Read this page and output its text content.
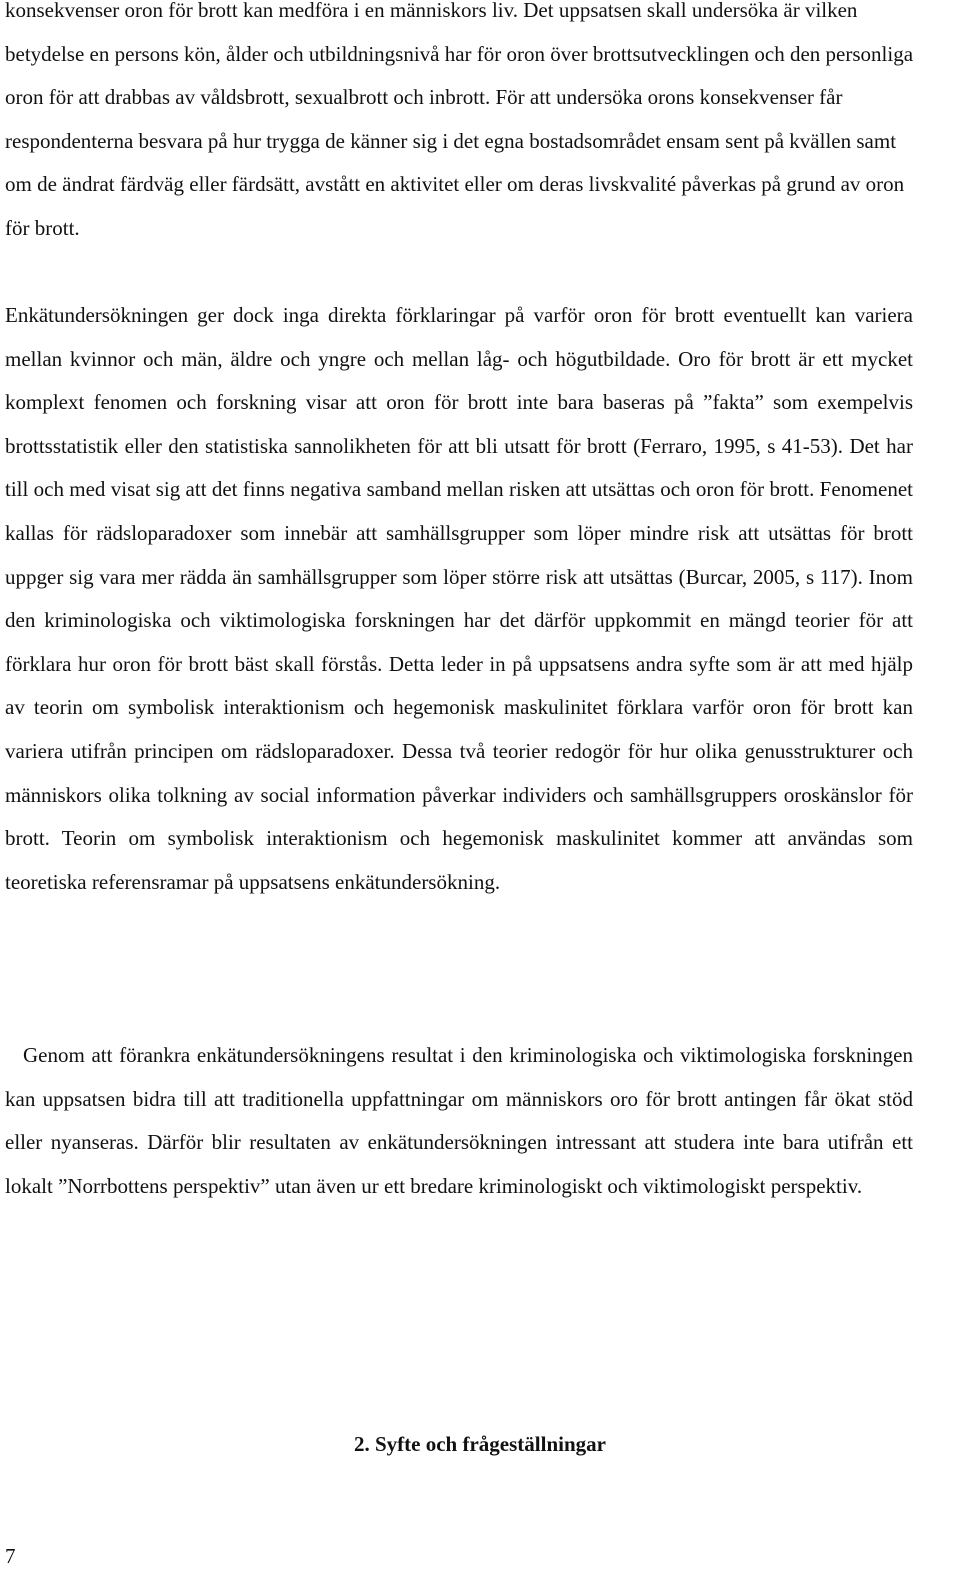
konsekvenser oron för brott kan medföra i en människors liv. Det uppsatsen skall undersöka är vilken betydelse en persons kön, ålder och utbildningsnivå har för oron över brottsutvecklingen och den personliga oron för att drabbas av våldsbrott, sexualbrott och inbrott. För att undersöka orons konsekvenser får respondenterna besvara på hur trygga de känner sig i det egna bostadsområdet ensam sent på kvällen samt om de ändrat färdväg eller färdsätt, avstått en aktivitet eller om deras livskvalité påverkas på grund av oron för brott.

Enkätundersökningen ger dock inga direkta förklaringar på varför oron för brott eventuellt kan variera mellan kvinnor och män, äldre och yngre och mellan låg- och högutbildade. Oro för brott är ett mycket komplext fenomen och forskning visar att oron för brott inte bara baseras på ”fakta” som exempelvis brottsstatistik eller den statistiska sannolikheten för att bli utsatt för brott (Ferraro, 1995, s 41-53). Det har till och med visat sig att det finns negativa samband mellan risken att utsättas och oron för brott. Fenomenet kallas för rädsloparadoxer som innebär att samhällsgrupper som löper mindre risk att utsättas för brott uppger sig vara mer rädda än samhällsgrupper som löper större risk att utsättas (Burcar, 2005, s 117). Inom den kriminologiska och viktimologiska forskningen har det därför uppkommit en mängd teorier för att förklara hur oron för brott bäst skall förstås. Detta leder in på uppsatsens andra syfte som är att med hjälp av teorin om symbolisk interaktionism och hegemonisk maskulinitet förklara varför oron för brott kan variera utifrån principen om rädsloparadoxer. Dessa två teorier redogör för hur olika genusstrukturer och människors olika tolkning av social information påverkar individers och samhällsgruppers oroskänslor för brott. Teorin om symbolisk interaktionism och hegemonisk maskulinitet kommer att användas som teoretiska referensramar på uppsatsens enkätundersökning.

Genom att förankra enkätundersökningens resultat i den kriminologiska och viktimologiska forskningen kan uppsatsen bidra till att traditionella uppfattningar om människors oro för brott antingen får ökat stöd eller nyanseras. Därför blir resultaten av enkätundersökningen intressant att studera inte bara utifrån ett lokalt ”Norrbottens perspektiv” utan även ur ett bredare kriminologiskt och viktimologiskt perspektiv.

2. Syfte och frågeställningar

7
